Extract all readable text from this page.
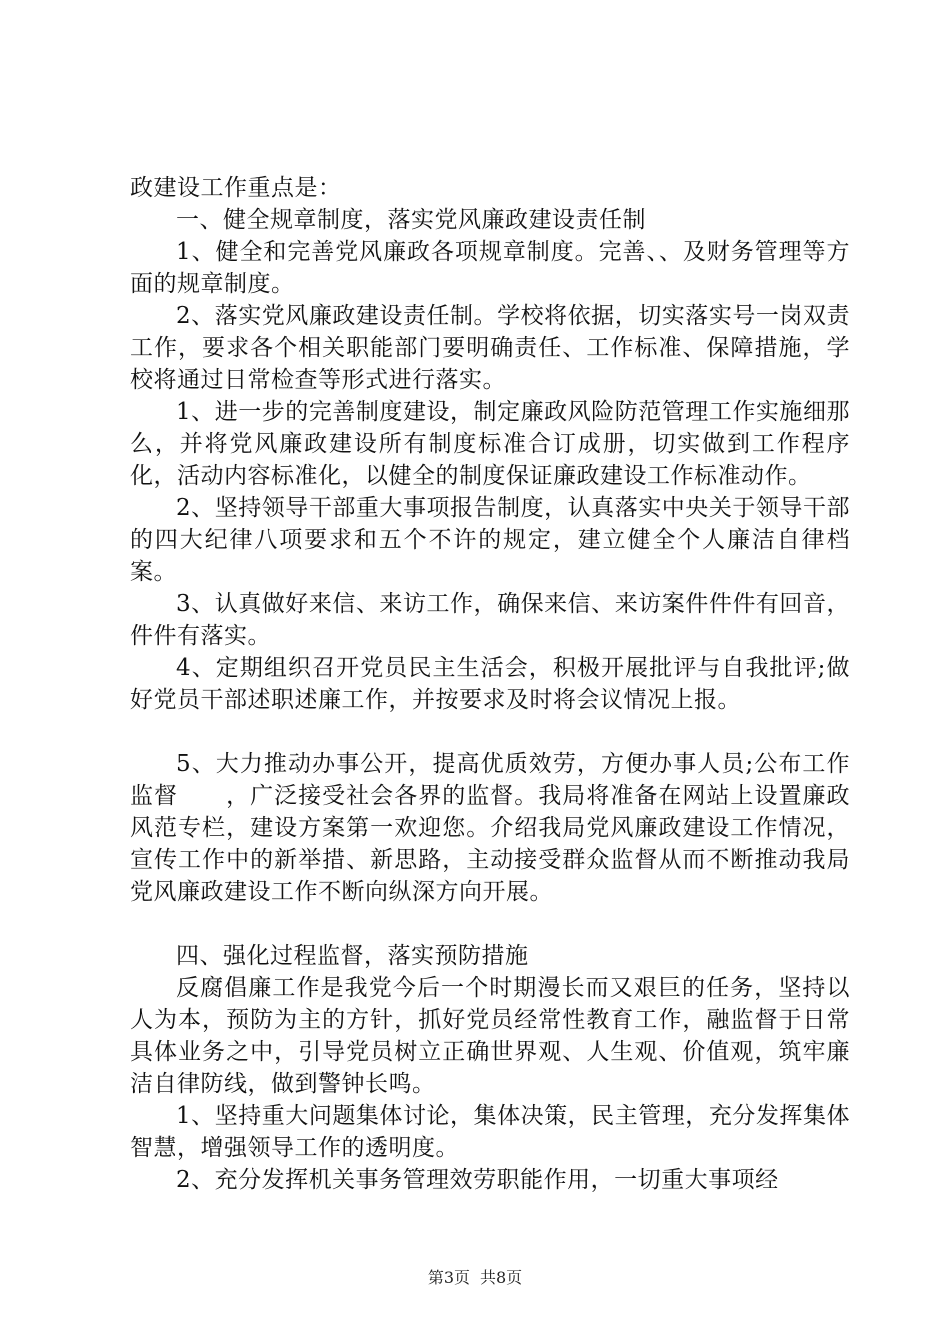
政建设工作重点是：

一、健全规章制度，落实党风廉政建设责任制

1、健全和完善党风廉政各项规章制度。完善、、及财务管理等方面的规章制度。

2、落实党风廉政建设责任制。学校将依据，切实落实号一岗双责工作，要求各个相关职能部门要明确责任、工作标准、保障措施，学校将通过日常检查等形式进行落实。

1、进一步的完善制度建设，制定廉政风险防范管理工作实施细那么，并将党风廉政建设所有制度标准合订成册，切实做到工作程序化，活动内容标准化，以健全的制度保证廉政建设工作标准动作。

2、坚持领导干部重大事项报告制度，认真落实中央关于领导干部的四大纪律八项要求和五个不许的规定，建立健全个人廉洁自律档案。

3、认真做好来信、来访工作，确保来信、来访案件件件有回音，件件有落实。

4、定期组织召开党员民主生活会，积极开展批评与自我批评;做好党员干部述职述廉工作，并按要求及时将会议情况上报。

5、大力推动办事公开，提高优质效劳，方便办事人员;公布工作监督　　，广泛接受社会各界的监督。我局将准备在网站上设置廉政风范专栏，建设方案第一欢迎您。介绍我局党风廉政建设工作情况，宣传工作中的新举措、新思路，主动接受群众监督从而不断推动我局党风廉政建设工作不断向纵深方向开展。

四、强化过程监督，落实预防措施

反腐倡廉工作是我党今后一个时期漫长而又艰巨的任务，坚持以人为本，预防为主的方针，抓好党员经常性教育工作，融监督于日常具体业务之中，引导党员树立正确世界观、人生观、价值观，筑牢廉洁自律防线，做到警钟长鸣。

1、坚持重大问题集体讨论，集体决策，民主管理，充分发挥集体智慧，增强领导工作的透明度。

2、充分发挥机关事务管理效劳职能作用，一切重大事项经

第3页 共8页
